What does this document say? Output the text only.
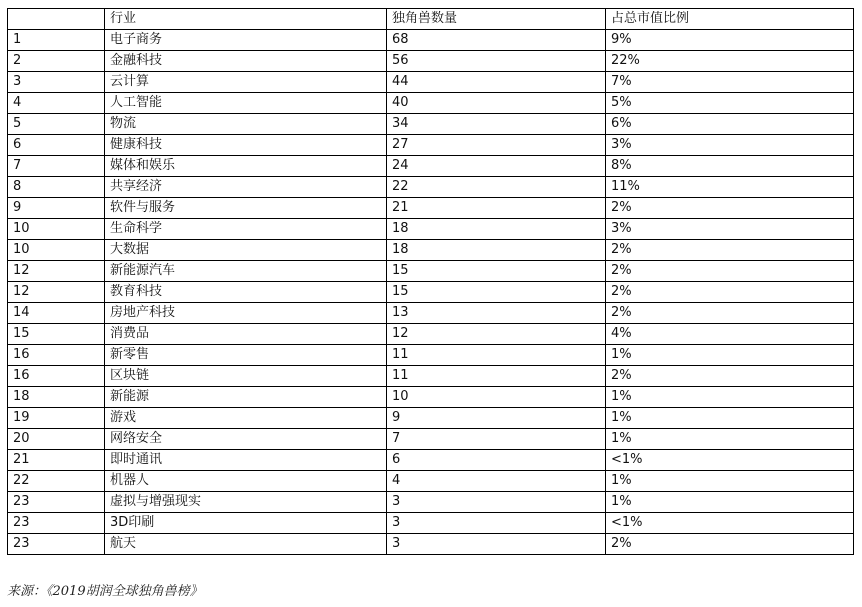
	行业	独角兽数量	占总市值比例
1	电子商务	68	9%
2	金融科技	56	22%
3	云计算	44	7%
4	人工智能	40	5%
5	物流	34	6%
6	健康科技	27	3%
7	媒体和娱乐	24	8%
8	共享经济	22	11%
9	软件与服务	21	2%
10	生命科学	18	3%
10	大数据	18	2%
12	新能源汽车	15	2%
12	教育科技	15	2%
14	房地产科技	13	2%
15	消费品	12	4%
16	新零售	11	1%
16	区块链	11	2%
18	新能源	10	1%
19	游戏	9	1%
20	网络安全	7	1%
21	即时通讯	6	<1%
22	机器人	4	1%
23	虚拟与增强现实	3	1%
23	3D印刷	3	<1%
23	航天	3	2%
来源：《2019胡润全球独角兽榜》
